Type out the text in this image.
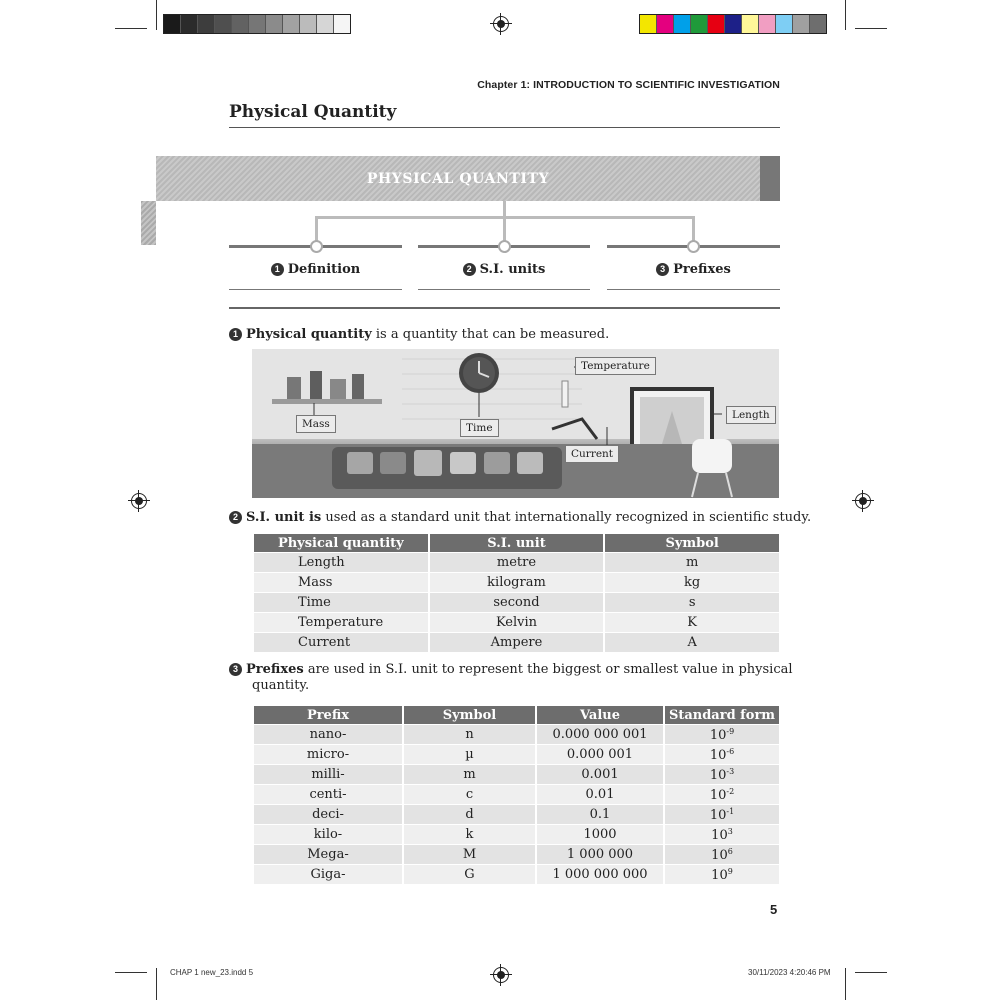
Chapter 1: INTRODUCTION TO SCIENTIFIC INVESTIGATION
Physical Quantity
PHYSICAL QUANTITY
1 Definition	2 S.I. units	3 Prefixes
1 Physical quantity is a quantity that can be measured.
Mass	Time
Temperature
Current
Length
2 S.I. unit is used as a standard unit that internationally recognized in scientific study.
Physical quantity	S.I. unit	Symbol
Length	metre	m
Mass	kilogram	kg
Time	second	s
Temperature	Kelvin	K
Current	Ampere	A
3 Prefixes are used in S.I. unit to represent the biggest or smallest value in physical
quantity.
Prefix	Symbol	Value	Standard form
nano-	n	0.000 000 001	$10^{-9}$
micro-	µ	0.000 001	$10^{-6}$
milli-	m	0.001	$10^{-3}$
centi-	c	0.01	$10^{-2}$
deci-	d	0.1	$10^{-1}$
kilo-	k	1000	$10^3$
Mega-	M	1 000 000	$10^6$
Giga-	G	1 000 000 000	$10^9$
5
CHAP 1 new_23.indd 5	30/11/2023 4:20:46 PM
